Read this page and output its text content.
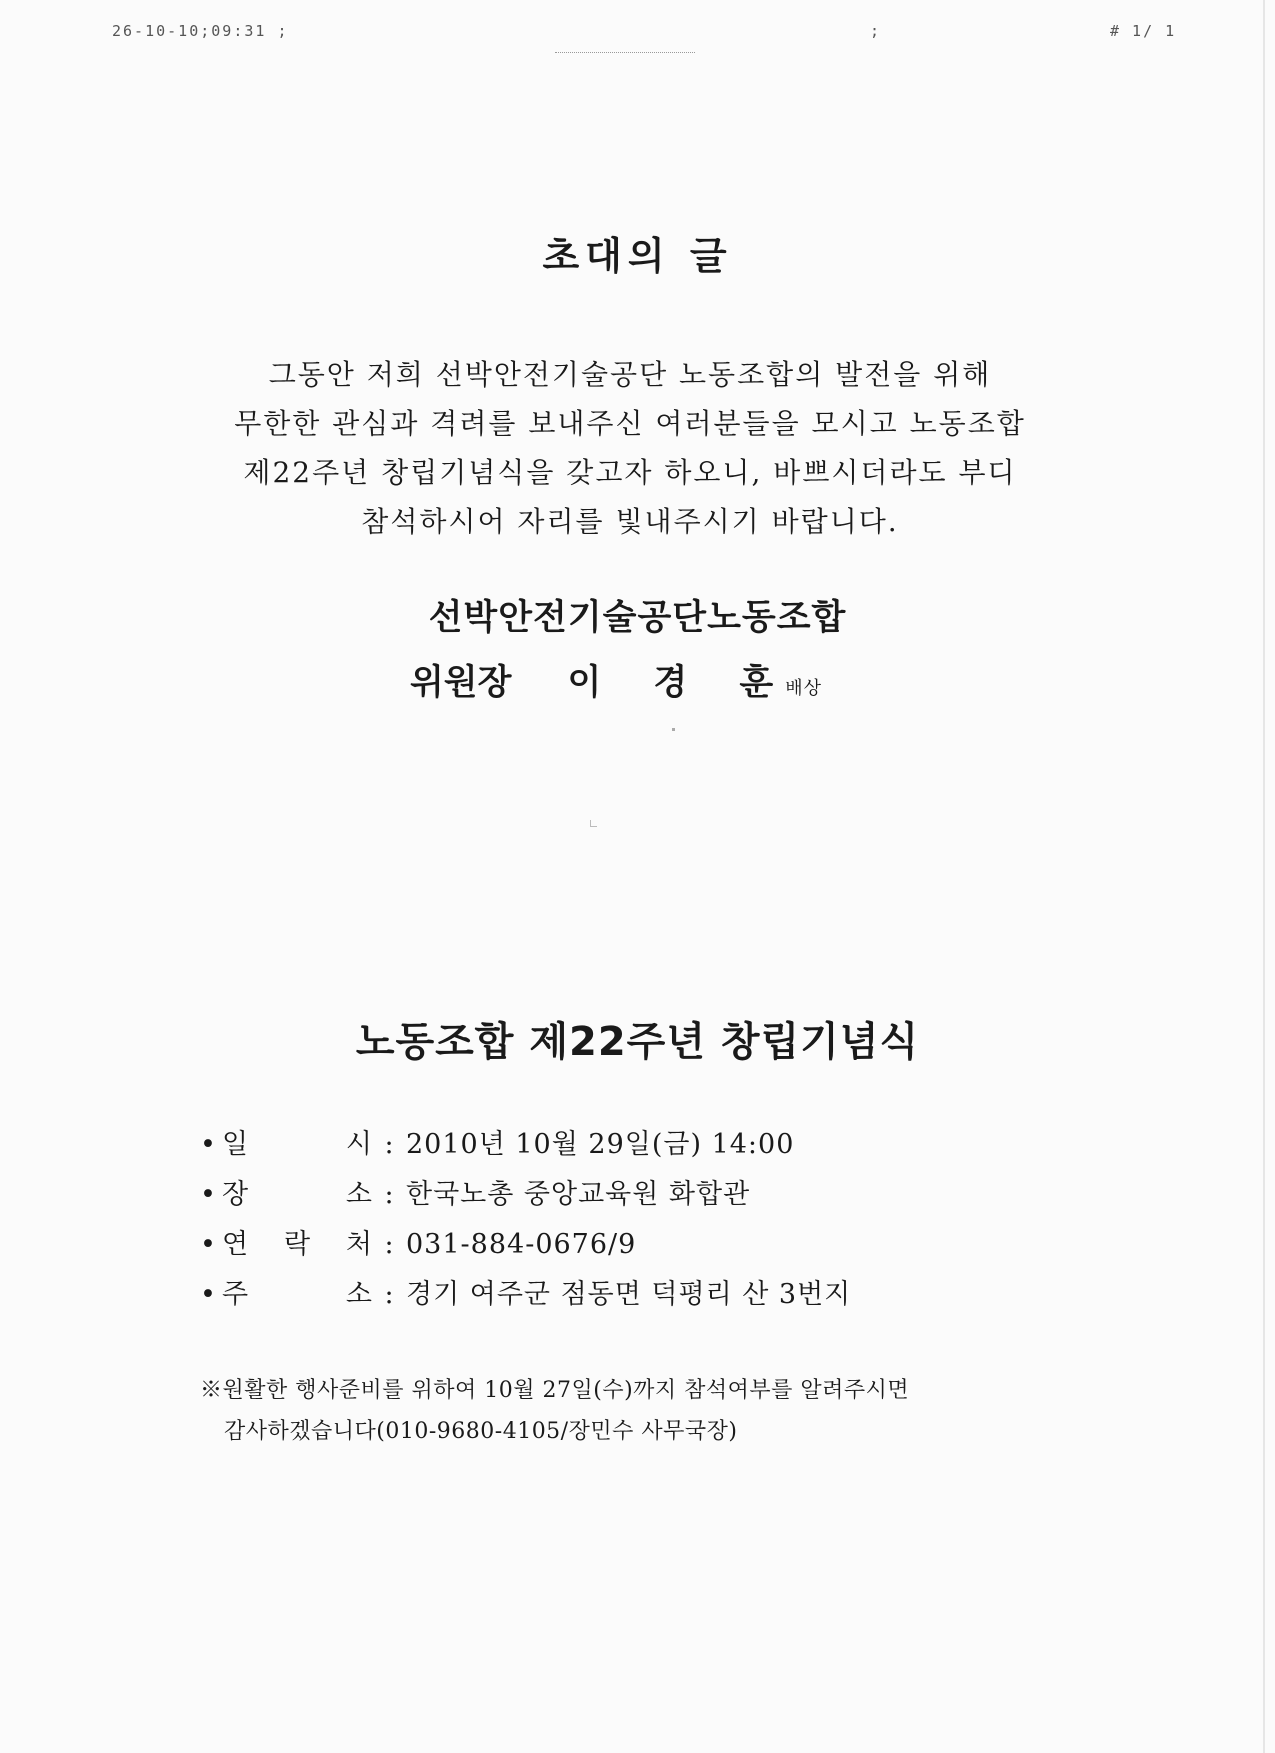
26-10-10;09:31 ;	;	# 1/ 1
초대의 글
그동안 저희 선박안전기술공단 노동조합의 발전을 위해
무한한 관심과 격려를 보내주신 여러분들을 모시고 노동조합
제22주년 창립기념식을 갖고자 하오니, 바쁘시더라도 부디
참석하시어 자리를 빛내주시기 바랍니다.
선박안전기술공단노동조합
위원장 이 경 훈배상
노동조합 제22주년 창립기념식
• 일 시 : 2010년 10월 29일(금) 14:00
• 장 소 : 한국노총 중앙교육원 화합관
• 연 락 처 : 031-884-0676/9
• 주 소 : 경기 여주군 점동면 덕평리 산 3번지
※원활한 행사준비를 위하여 10월 27일(수)까지 참석여부를 알려주시면
감사하겠습니다(010-9680-4105/장민수 사무국장)
